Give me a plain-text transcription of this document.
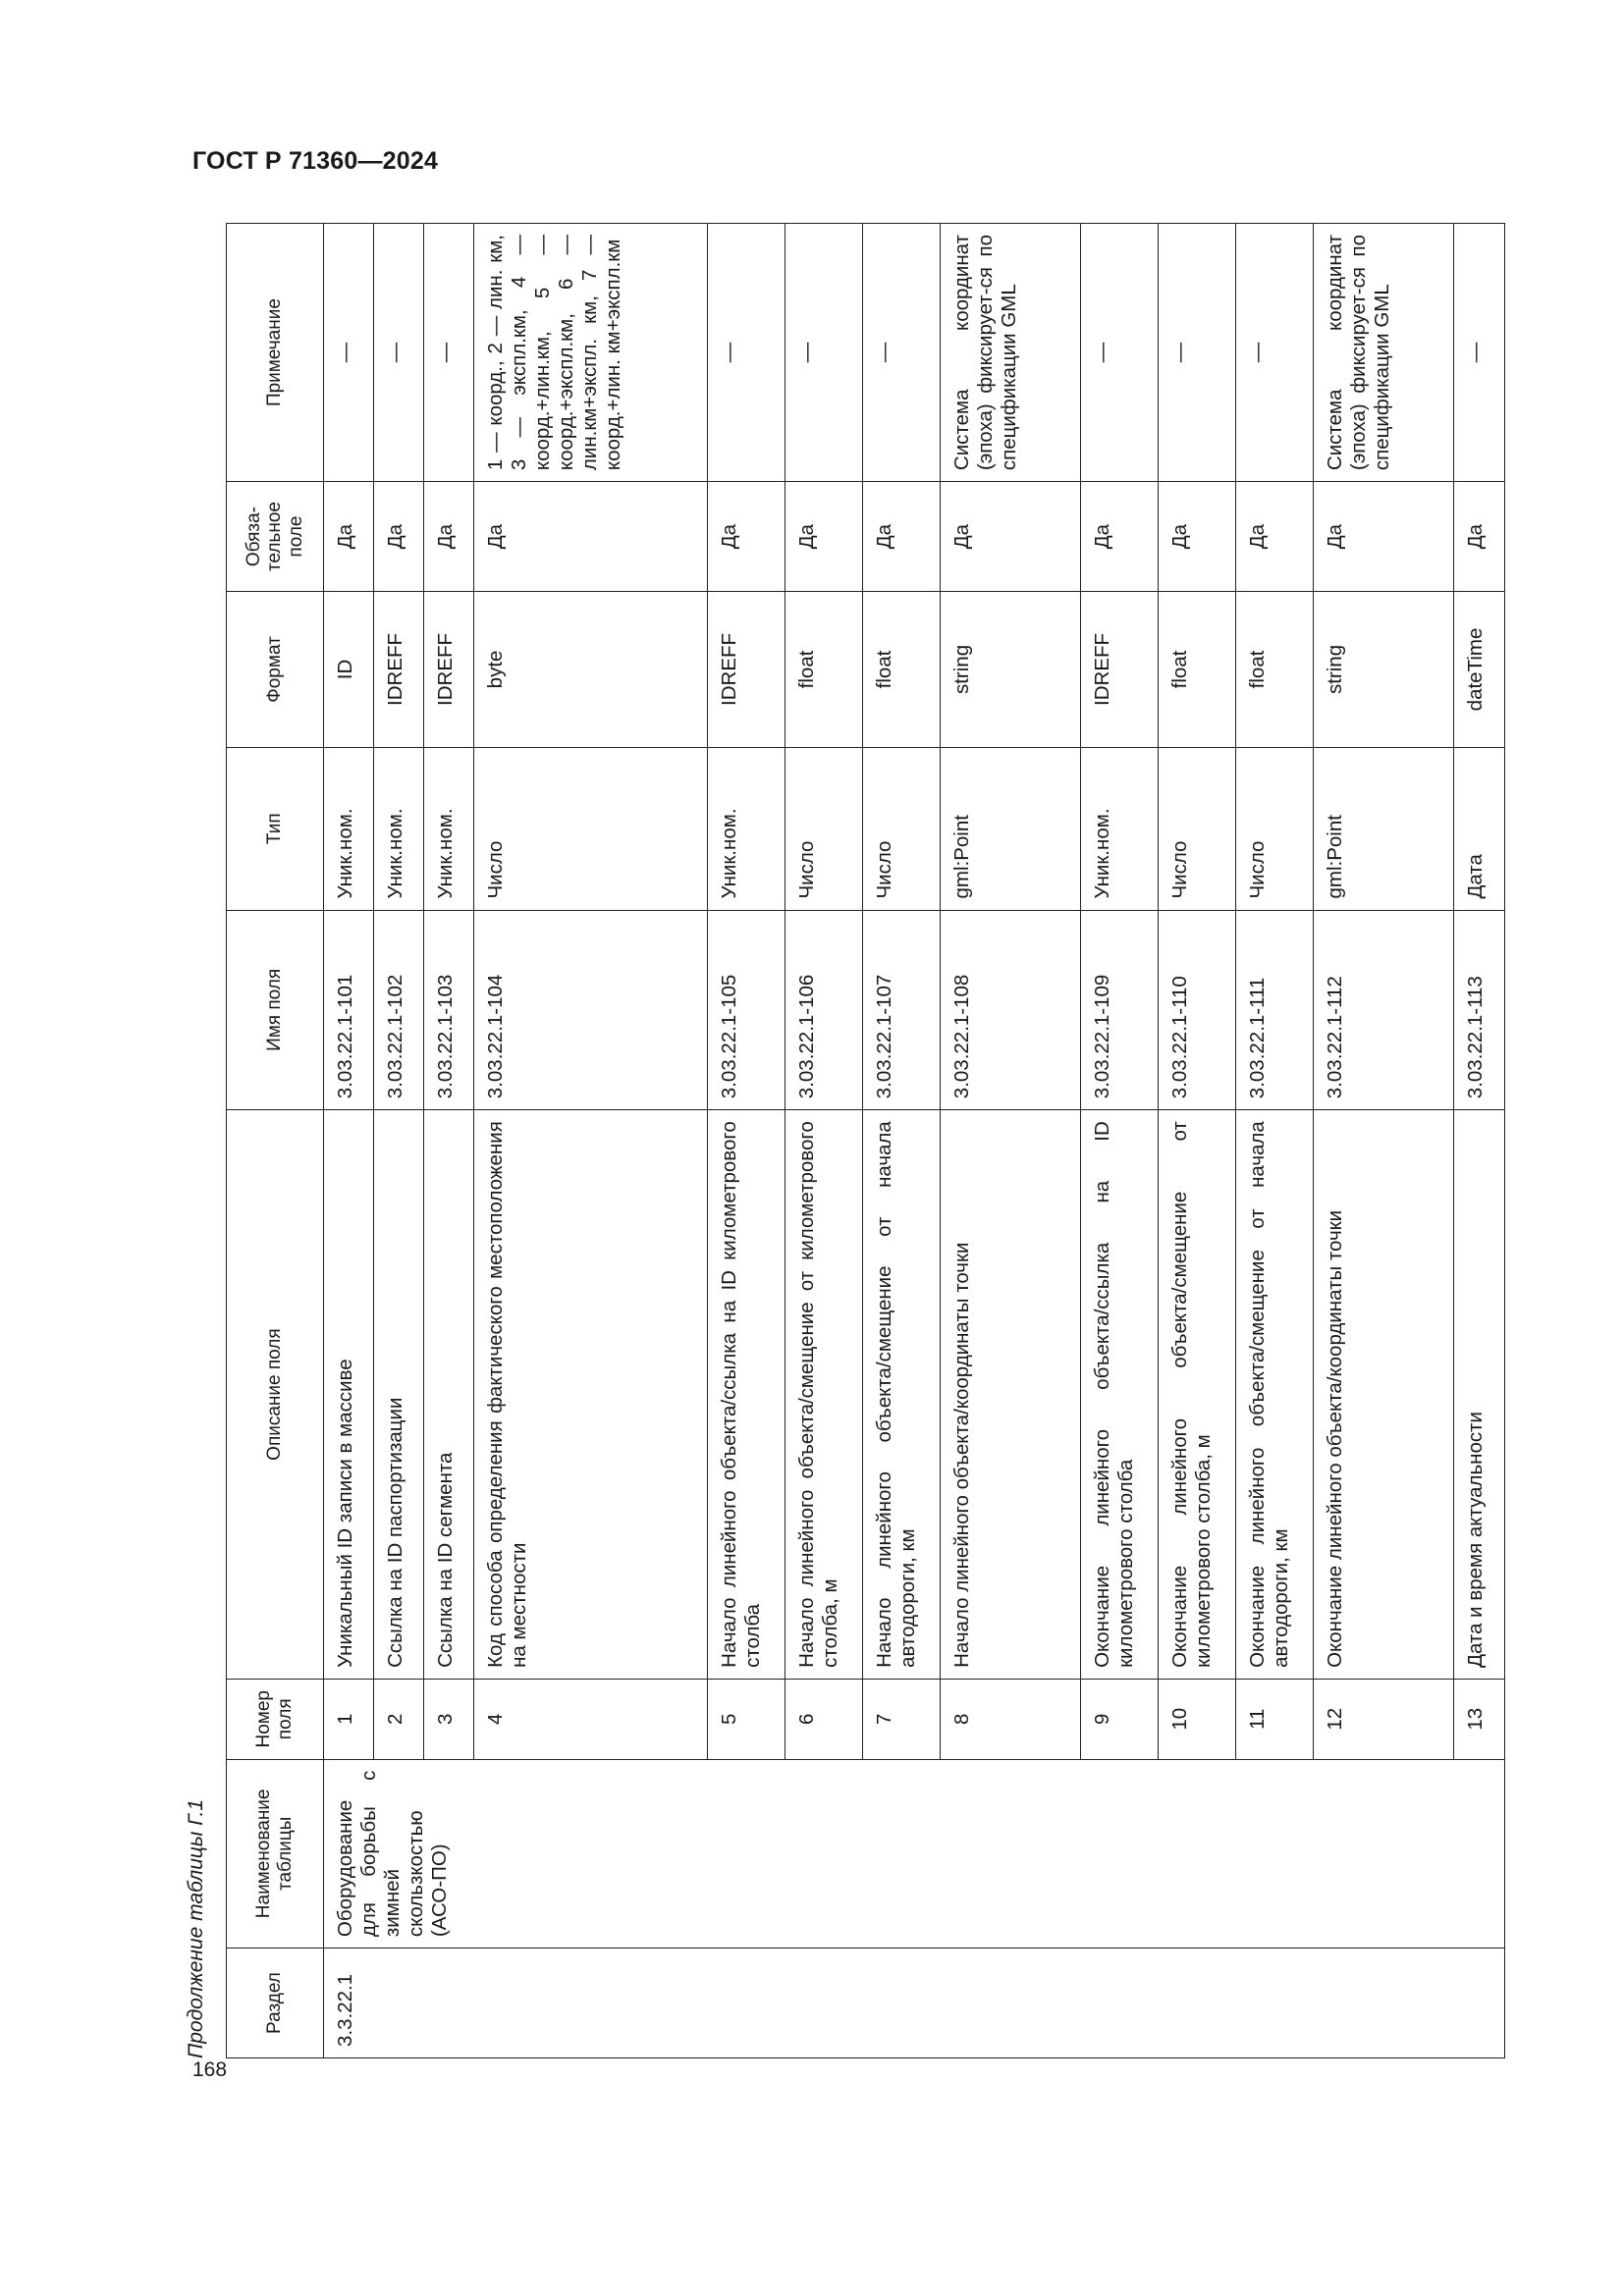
ГОСТ Р 71360—2024
168
Продолжение таблицы Г.1	Раздел	Наименование таблицы	Номер поля	Описание поля	Имя поля	Тип	Формат	Обяза-тельное поле	Примечание
3.3.22.1	Оборудование для борьбы с зимней скользкостью (АСО-ПО)	1	Уникальный ID записи в массиве	3.03.22.1-101	Уник.ном.	ID	Да	—
		2	Ссылка на ID паспортизации	3.03.22.1-102	Уник.ном.	IDREFF	Да	—
		3	Ссылка на ID сегмента	3.03.22.1-103	Уник.ном.	IDREFF	Да	—
		4	Код способа определения фактического местоположения на местности	3.03.22.1-104	Число	byte	Да	1 — коорд., 2 — лин. км, 3 — экспл.км, 4 — коорд.+лин.км, 5 — коорд.+экспл.км, 6 — лин.км+экспл. км, 7 — коорд.+лин. км+экспл.км
		5	Начало линейного объекта/ссылка на ID километрового столба	3.03.22.1-105	Уник.ном.	IDREFF	Да	—
		6	Начало линейного объекта/смещение от километрового столба, м	3.03.22.1-106	Число	float	Да	—
		7	Начало линейного объекта/смещение от начала автодороги, км	3.03.22.1-107	Число	float	Да	—
		8	Начало линейного объекта/координаты точки	3.03.22.1-108	gml:Point	string	Да	Система координат (эпоха) фиксирует-ся по спецификации GML
		9	Окончание линейного объекта/ссылка на ID километрового столба	3.03.22.1-109	Уник.ном.	IDREFF	Да	—
		10	Окончание линейного объекта/смещение от километрового столба, м	3.03.22.1-110	Число	float	Да	—
		11	Окончание линейного объекта/смещение от начала автодороги, км	3.03.22.1-111	Число	float	Да	—
		12	Окончание линейного объекта/координаты точки	3.03.22.1-112	gml:Point	string	Да	Система координат (эпоха) фиксирует-ся по спецификации GML
		13	Дата и время актуальности	3.03.22.1-113	Дата	dateTime	Да	—
